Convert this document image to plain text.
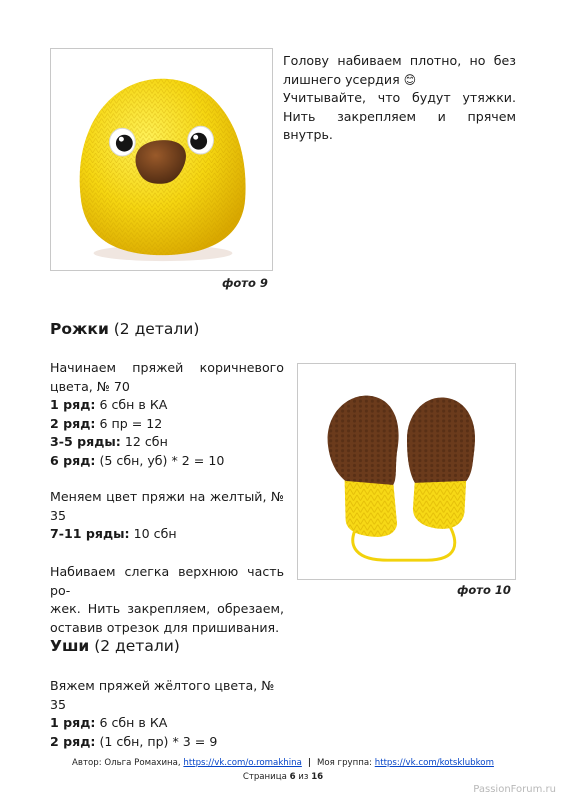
фото 9
Голову набиваем плотно, но без
лишнего усердия 😊
Учитывайте, что будут утяжки. Нить закрепляем и прячем внутрь.
Рожки (2 детали)
Начинаем пряжей коричневого
цвета, № 70
1 ряд: 6 сбн в КА
2 ряд: 6 пр = 12
3-5 ряды: 12 сбн
6 ряд: (5 сбн, уб) * 2 = 10
Меняем цвет пряжи на желтый, №
35
7-11 ряды: 10 сбн
Набиваем слегка верхнюю часть ро-
жек. Нить закрепляем, обрезаем,
оставив отрезок для пришивания.
фото 10
Уши (2 детали)
Вяжем пряжей жёлтого цвета, № 35
1 ряд: 6 сбн в КА
2 ряд: (1 сбн, пр) * 3 = 9
Автор: Ольга Ромахина, https://vk.com/o.romakhina | Моя группа: https://vk.com/kotsklubkom
Страница 6 из 16
PassionForum.ru
